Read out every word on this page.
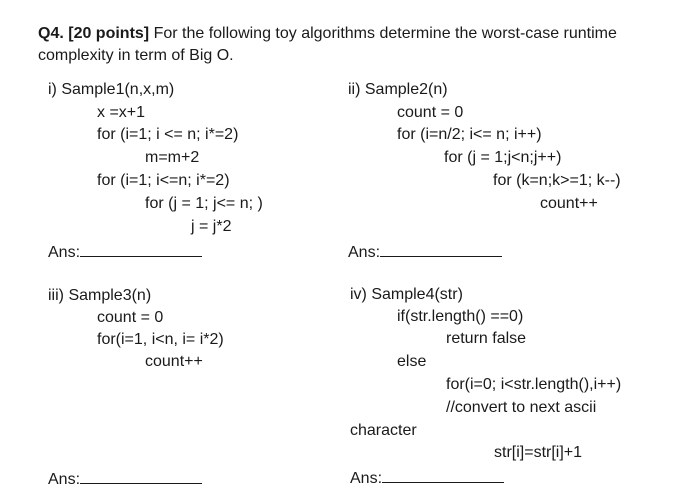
Q4. [20 points] For the following toy algorithms determine the worst-case runtime
complexity in term of Big O.
i) Sample1(n,x,m)
x =x+1
for (i=1; i <= n; i*=2)
m=m+2
for (i=1; i<=n; i*=2)
for (j = 1; j<= n; )
j = j*2
Ans:
ii) Sample2(n)
count = 0
for (i=n/2; i<= n; i++)
for (j = 1;j<n;j++)
for (k=n;k>=1; k--)
count++
Ans:
iii) Sample3(n)
count = 0
for(i=1, i<n, i= i*2)
count++
Ans:
iv) Sample4(str)
if(str.length() ==0)
return false
else
for(i=0; i<str.length(),i++)
//convert to next ascii
character
str[i]=str[i]+1
Ans:
